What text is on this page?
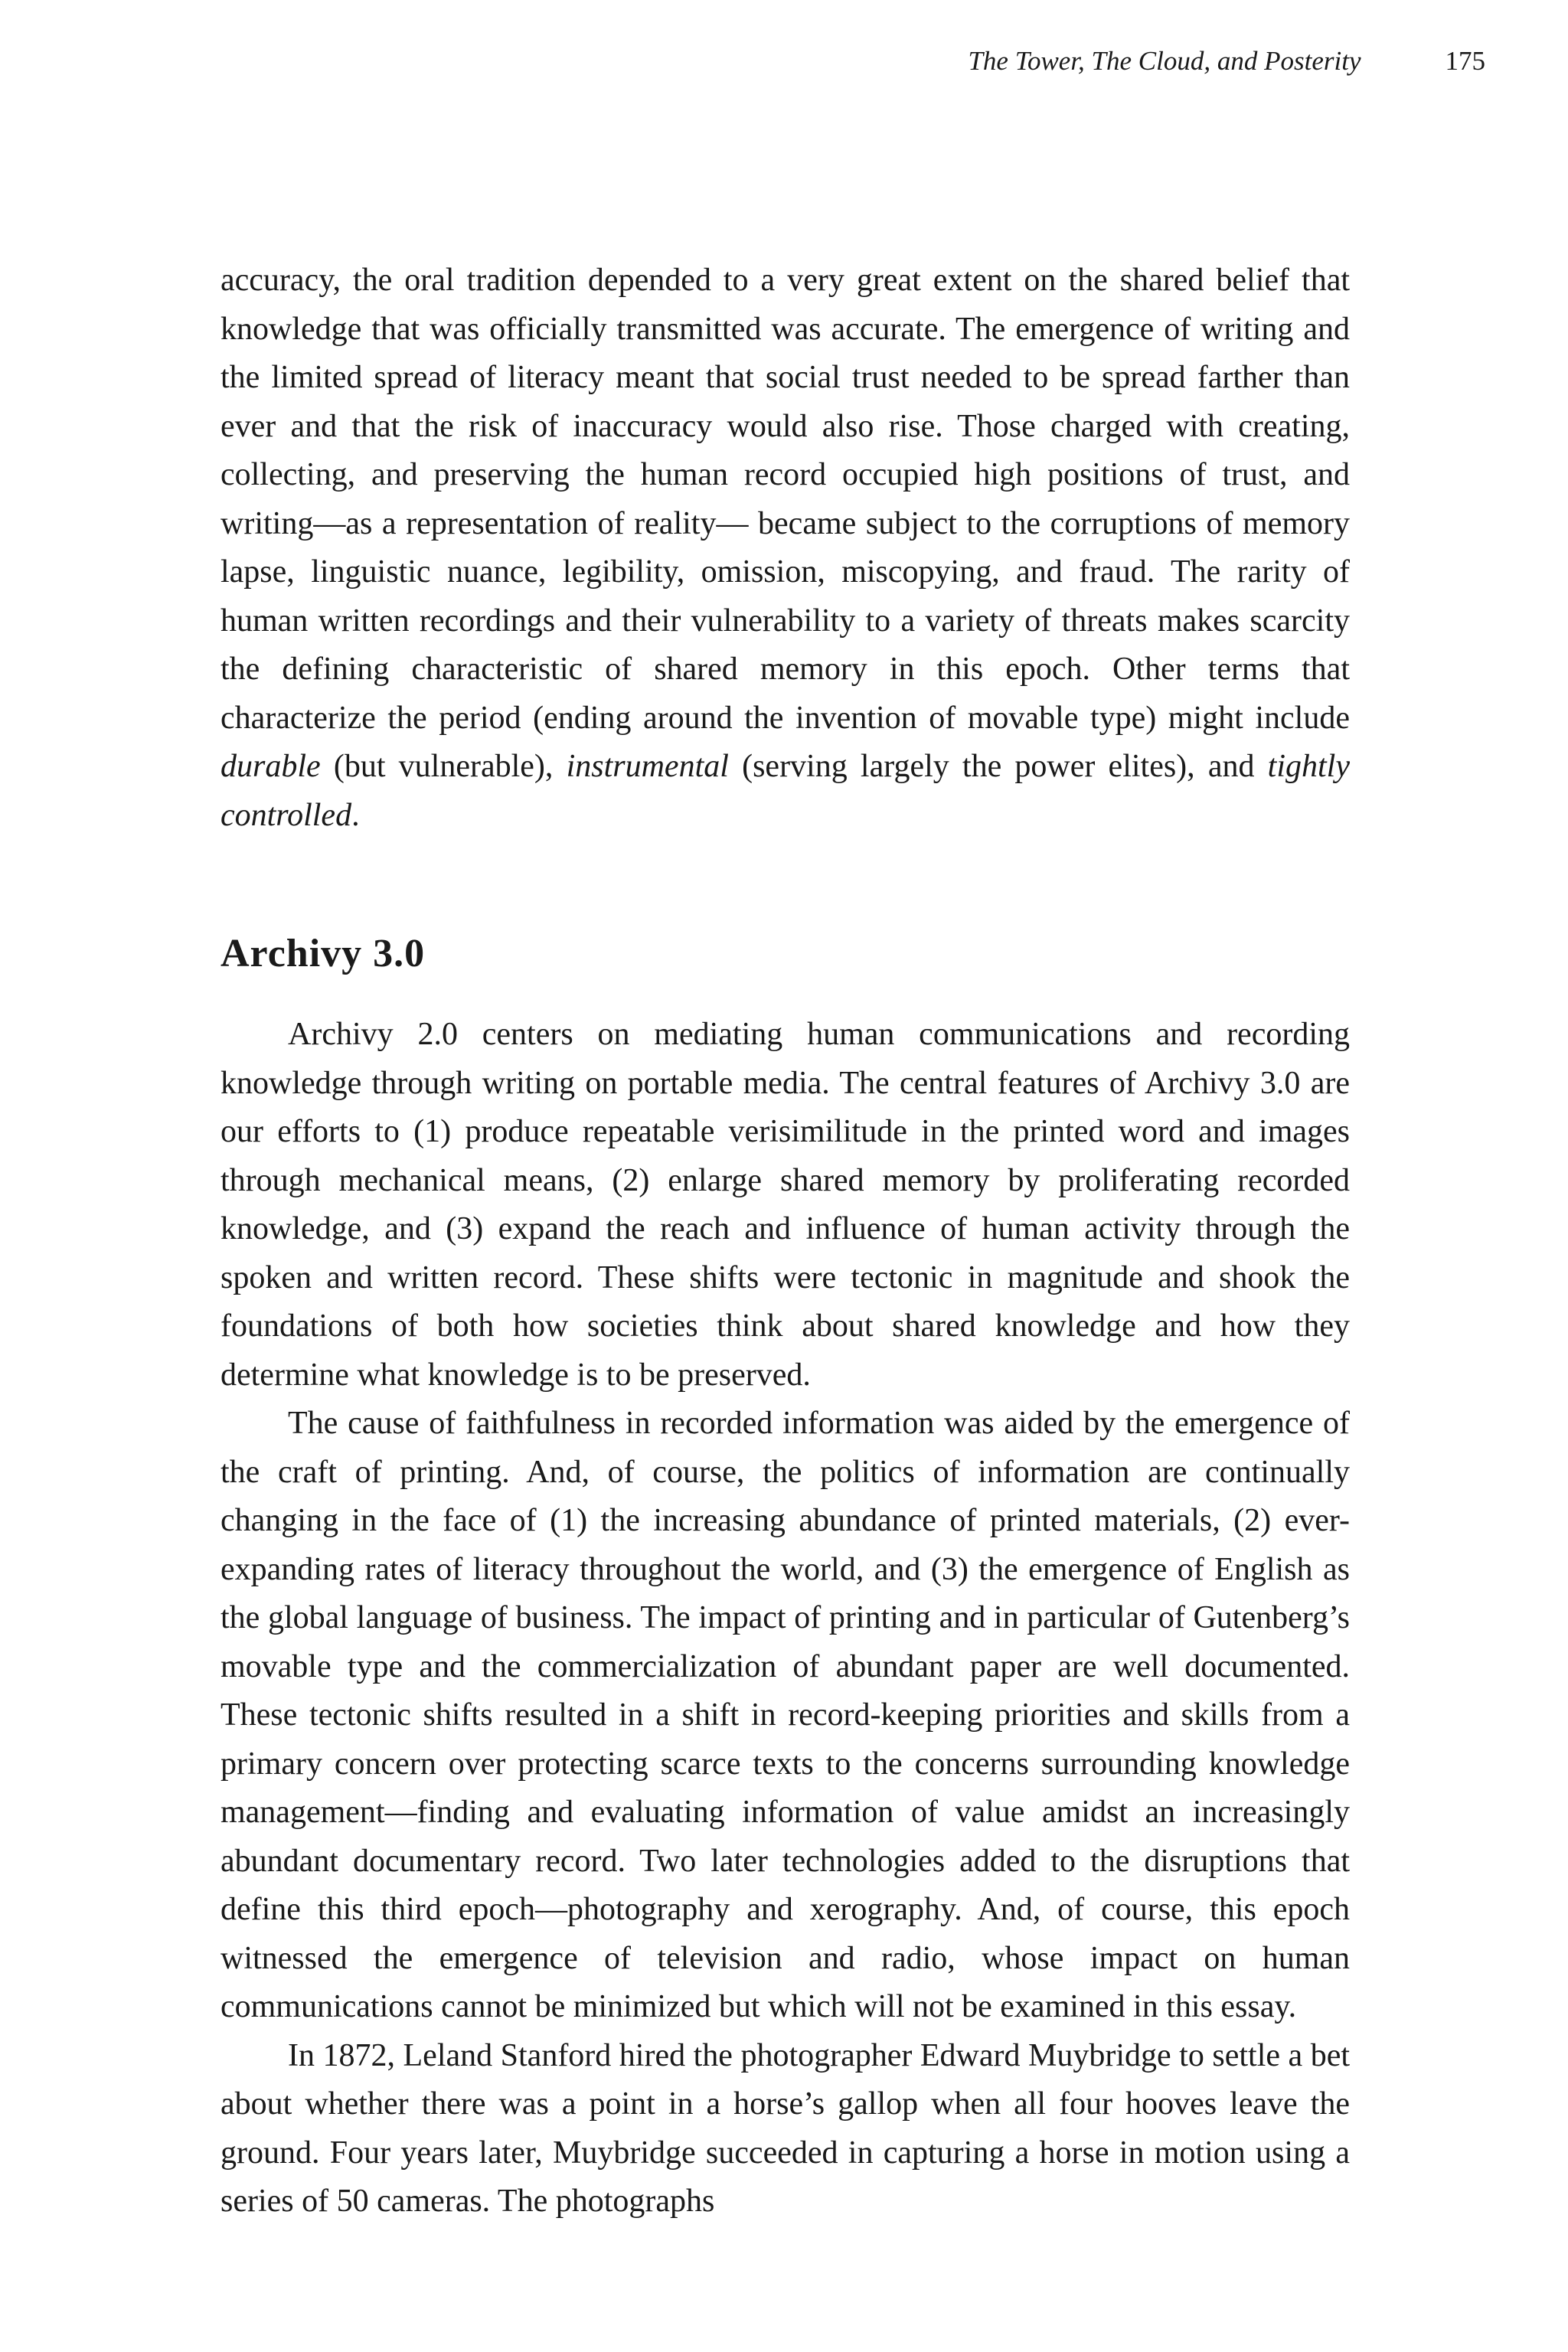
The Tower, The Cloud, and Posterity	175

accuracy, the oral tradition depended to a very great extent on the shared belief that knowledge that was officially transmitted was accurate. The emergence of writing and the limited spread of literacy meant that social trust needed to be spread farther than ever and that the risk of inaccuracy would also rise. Those charged with creating, collecting, and preserving the human record occupied high positions of trust, and writing—as a representation of reality— became subject to the corruptions of memory lapse, linguistic nuance, legibility, omission, miscopying, and fraud. The rarity of human written recordings and their vulnerability to a variety of threats makes scarcity the defining characteristic of shared memory in this epoch. Other terms that characterize the period (ending around the invention of movable type) might include durable (but vulnerable), instrumental (serving largely the power elites), and tightly controlled.

Archivy 3.0

Archivy 2.0 centers on mediating human communications and recording knowledge through writing on portable media. The central features of Archivy 3.0 are our efforts to (1) produce repeatable verisimilitude in the printed word and images through mechanical means, (2) enlarge shared memory by proliferating recorded knowledge, and (3) expand the reach and influence of human activity through the spoken and written record. These shifts were tectonic in magnitude and shook the foundations of both how societies think about shared knowledge and how they determine what knowledge is to be preserved.

The cause of faithfulness in recorded information was aided by the emergence of the craft of printing. And, of course, the politics of information are continually changing in the face of (1) the increasing abundance of printed materials, (2) ever-expanding rates of literacy throughout the world, and (3) the emergence of English as the global language of business. The impact of printing and in particular of Gutenberg’s movable type and the commercialization of abundant paper are well documented. These tectonic shifts resulted in a shift in record-keeping priorities and skills from a primary concern over protecting scarce texts to the concerns surrounding knowledge management—finding and evaluating information of value amidst an increasingly abundant documentary record. Two later technologies added to the disruptions that define this third epoch—photography and xerography. And, of course, this epoch witnessed the emergence of television and radio, whose impact on human communications cannot be minimized but which will not be examined in this essay.

In 1872, Leland Stanford hired the photographer Edward Muybridge to settle a bet about whether there was a point in a horse’s gallop when all four hooves leave the ground. Four years later, Muybridge succeeded in capturing a horse in motion using a series of 50 cameras. The photographs
